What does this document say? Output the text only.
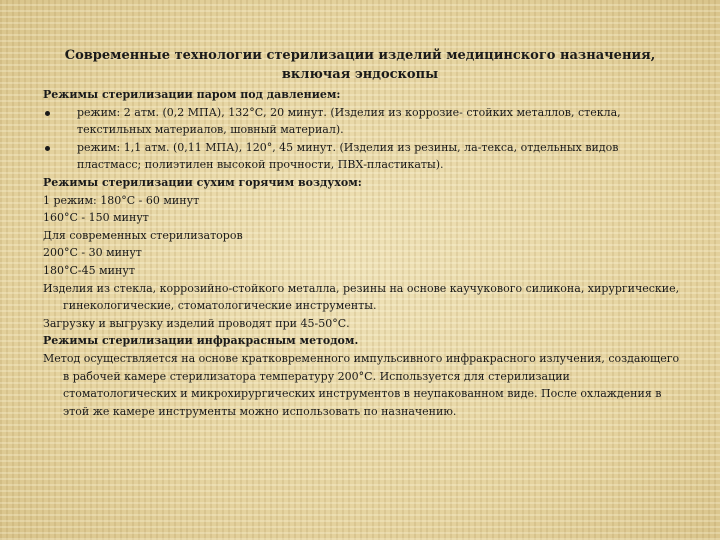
Современные технологии стерилизации изделий медицинского назначения, включая эндоскопы

Режимы стерилизации паром под давлением:

режим: 2 атм. (0,2 МПА), 132°С, 20 минут. (Изделия из коррозие- стойких металлов, стекла, текстильных материалов, шовный материал).

режим: 1,1 атм. (0,11 МПА), 120°, 45 минут. (Изделия из резины, ла-текса, отдельных видов пластмасс; полиэтилен высокой прочности, ПВХ-пластикаты).

Режимы стерилизации сухим горячим воздухом:

1 режим: 180°С - 60 минут

160°С - 150 минут

Для современных стерилизаторов

200°С - 30 минут

180°С-45 минут

Изделия из стекла, коррозийно-стойкого металла, резины на основе каучукового силикона, хирургические, гинекологические, стоматологические инструменты.

Загрузку и выгрузку изделий проводят при 45-50°С.

Режимы стерилизации инфракрасным методом.

Метод осуществляется на основе кратковременного импульсивного инфракрасного излучения, создающего в рабочей камере стерилизатора температуру 200°С. Используется для стерилизации стоматологических и микрохирургических инструментов в неупакованном виде. После охлаждения в этой же камере инструменты можно использовать по назначению.
